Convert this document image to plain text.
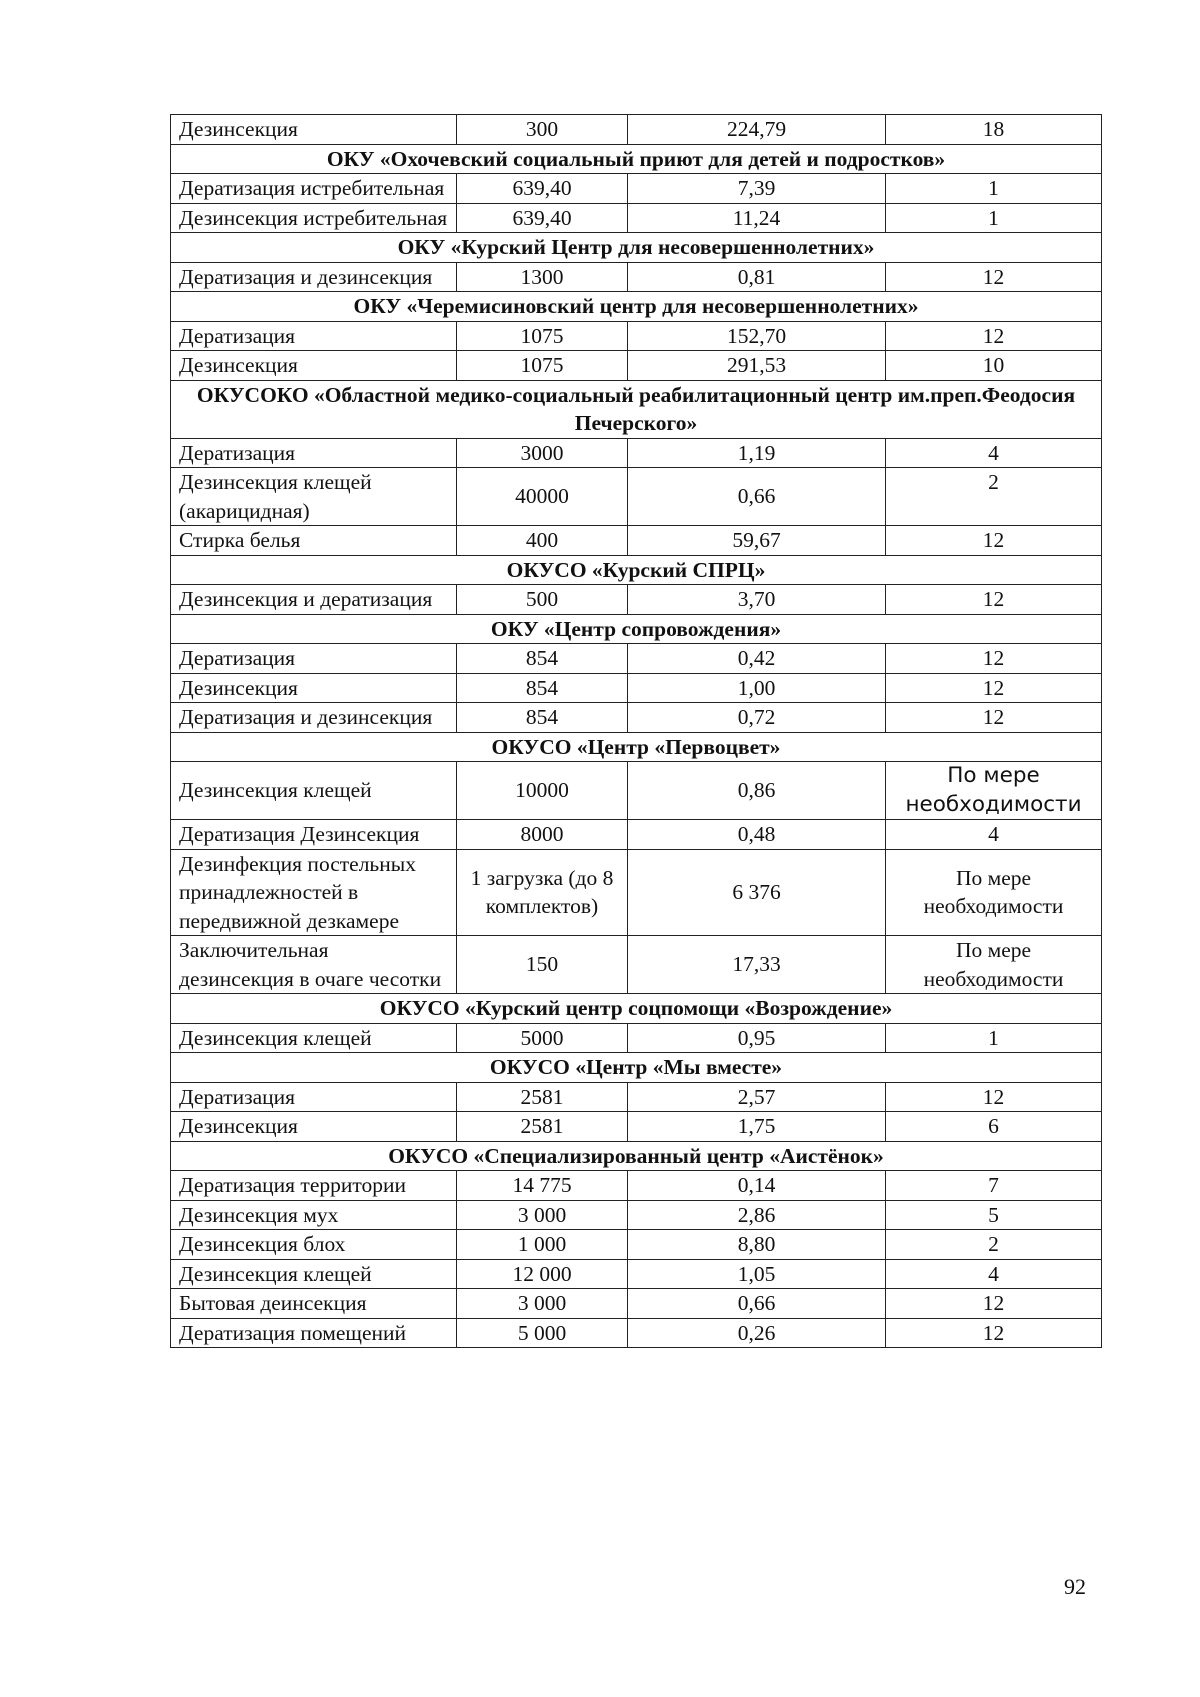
Дезинсекция	300	224,79	18
ОКУ «Охочевский социальный приют для детей и подростков»			
Дератизация истребительная	639,40	7,39	1
Дезинсекция истребительная	639,40	11,24	1
ОКУ «Курский Центр для несовершеннолетних»			
Дератизация и дезинсекция	1300	0,81	12
ОКУ «Черемисиновский центр для несовершеннолетних»			
Дератизация	1075	152,70	12
Дезинсекция	1075	291,53	10
ОКУСОКО «Областной медико-социальный реабилитационный центр им.преп.Феодосия Печерского»			
Дератизация	3000	1,19	4
Дезинсекция клещей (акарицидная)	40000	0,66	2
Стирка белья	400	59,67	12
ОКУСО «Курский СПРЦ»			
Дезинсекция и дератизация	500	3,70	12
ОКУ «Центр сопровождения»			
Дератизация	854	0,42	12
Дезинсекция	854	1,00	12
Дератизация и дезинсекция	854	0,72	12
ОКУСО «Центр «Первоцвет»			
Дезинсекция клещей	10000	0,86	По мере необходимости
Дератизация Дезинсекция	8000	0,48	4
Дезинфекция постельных принадлежностей в передвижной дезкамере	1 загрузка (до 8 комплектов)	6 376	По мере необходимости
Заключительная дезинсекция в очаге чесотки	150	17,33	По мере необходимости
ОКУСО «Курский центр соцпомощи «Возрождение»			
Дезинсекция клещей	5000	0,95	1
ОКУСО «Центр «Мы вместе»			
Дератизация	2581	2,57	12
Дезинсекция	2581	1,75	6
ОКУСО «Специализированный центр «Аистёнок»			
Дератизация территории	14 775	0,14	7
Дезинсекция мух	3 000	2,86	5
Дезинсекция блох	1 000	8,80	2
Дезинсекция клещей	12 000	1,05	4
Бытовая деинсекция	3 000	0,66	12
Дератизация помещений	5 000	0,26	12
92
